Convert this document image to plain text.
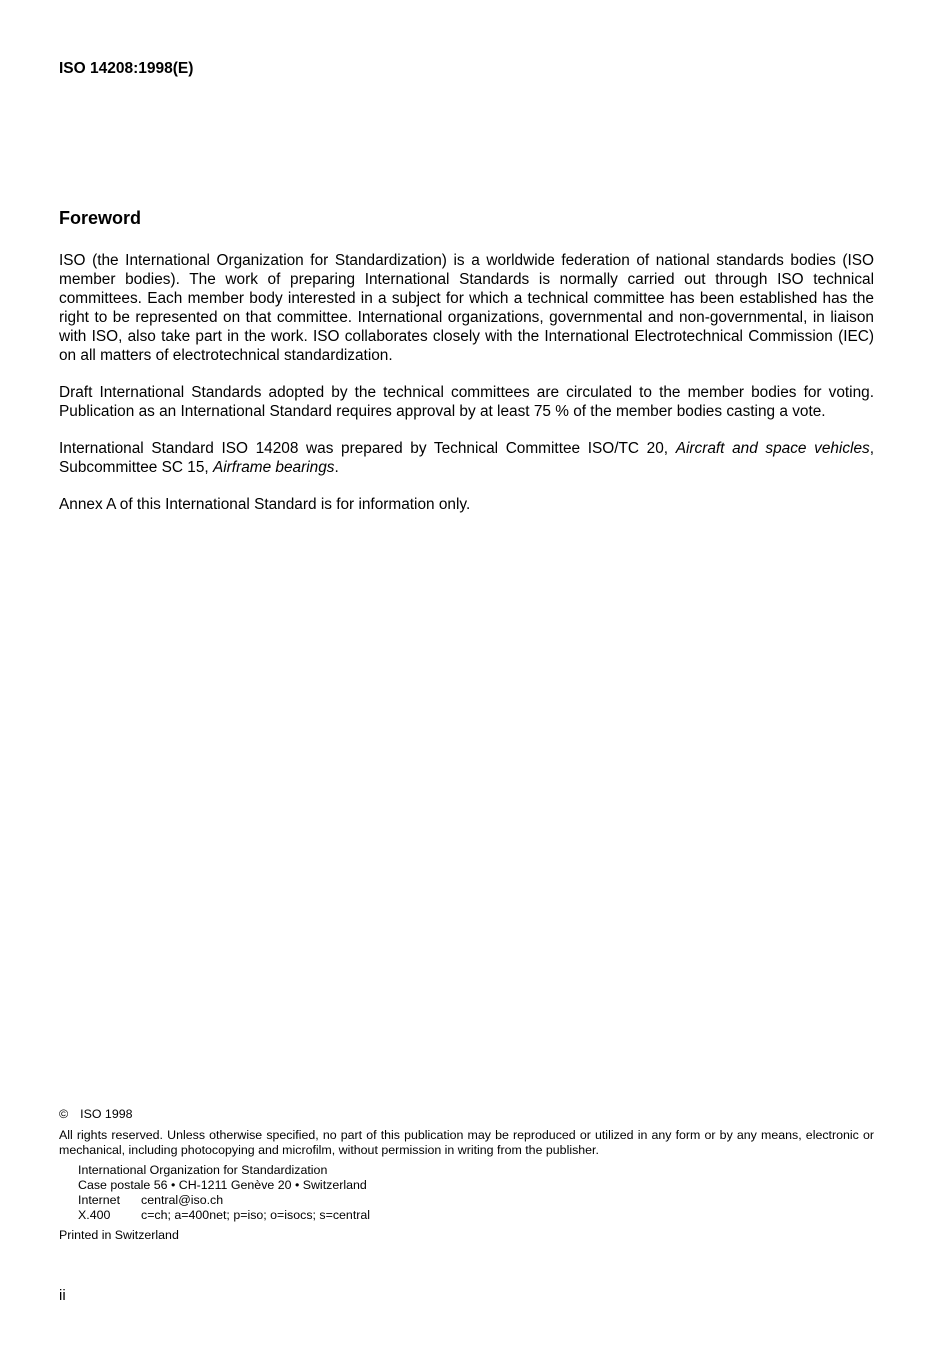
ISO 14208:1998(E)
Foreword

ISO (the International Organization for Standardization) is a worldwide federation of national standards bodies (ISO member bodies). The work of preparing International Standards is normally carried out through ISO technical committees. Each member body interested in a subject for which a technical committee has been established has the right to be represented on that committee. International organizations, governmental and non-governmental, in liaison with ISO, also take part in the work. ISO collaborates closely with the International Electrotechnical Commission (IEC) on all matters of electrotechnical standardization.

Draft International Standards adopted by the technical committees are circulated to the member bodies for voting. Publication as an International Standard requires approval by at least 75 % of the member bodies casting a vote.

International Standard ISO 14208 was prepared by Technical Committee ISO/TC 20, Aircraft and space vehicles, Subcommittee SC 15, Airframe bearings.

Annex A of this International Standard is for information only.

© ISO 1998
All rights reserved. Unless otherwise specified, no part of this publication may be reproduced or utilized in any form or by any means, electronic or mechanical, including photocopying and microfilm, without permission in writing from the publisher.
International Organization for Standardization
Case postale 56 • CH-1211 Genève 20 • Switzerland
Internet	central@iso.ch
X.400	c=ch; a=400net; p=iso; o=isocs; s=central
Printed in Switzerland
ii
